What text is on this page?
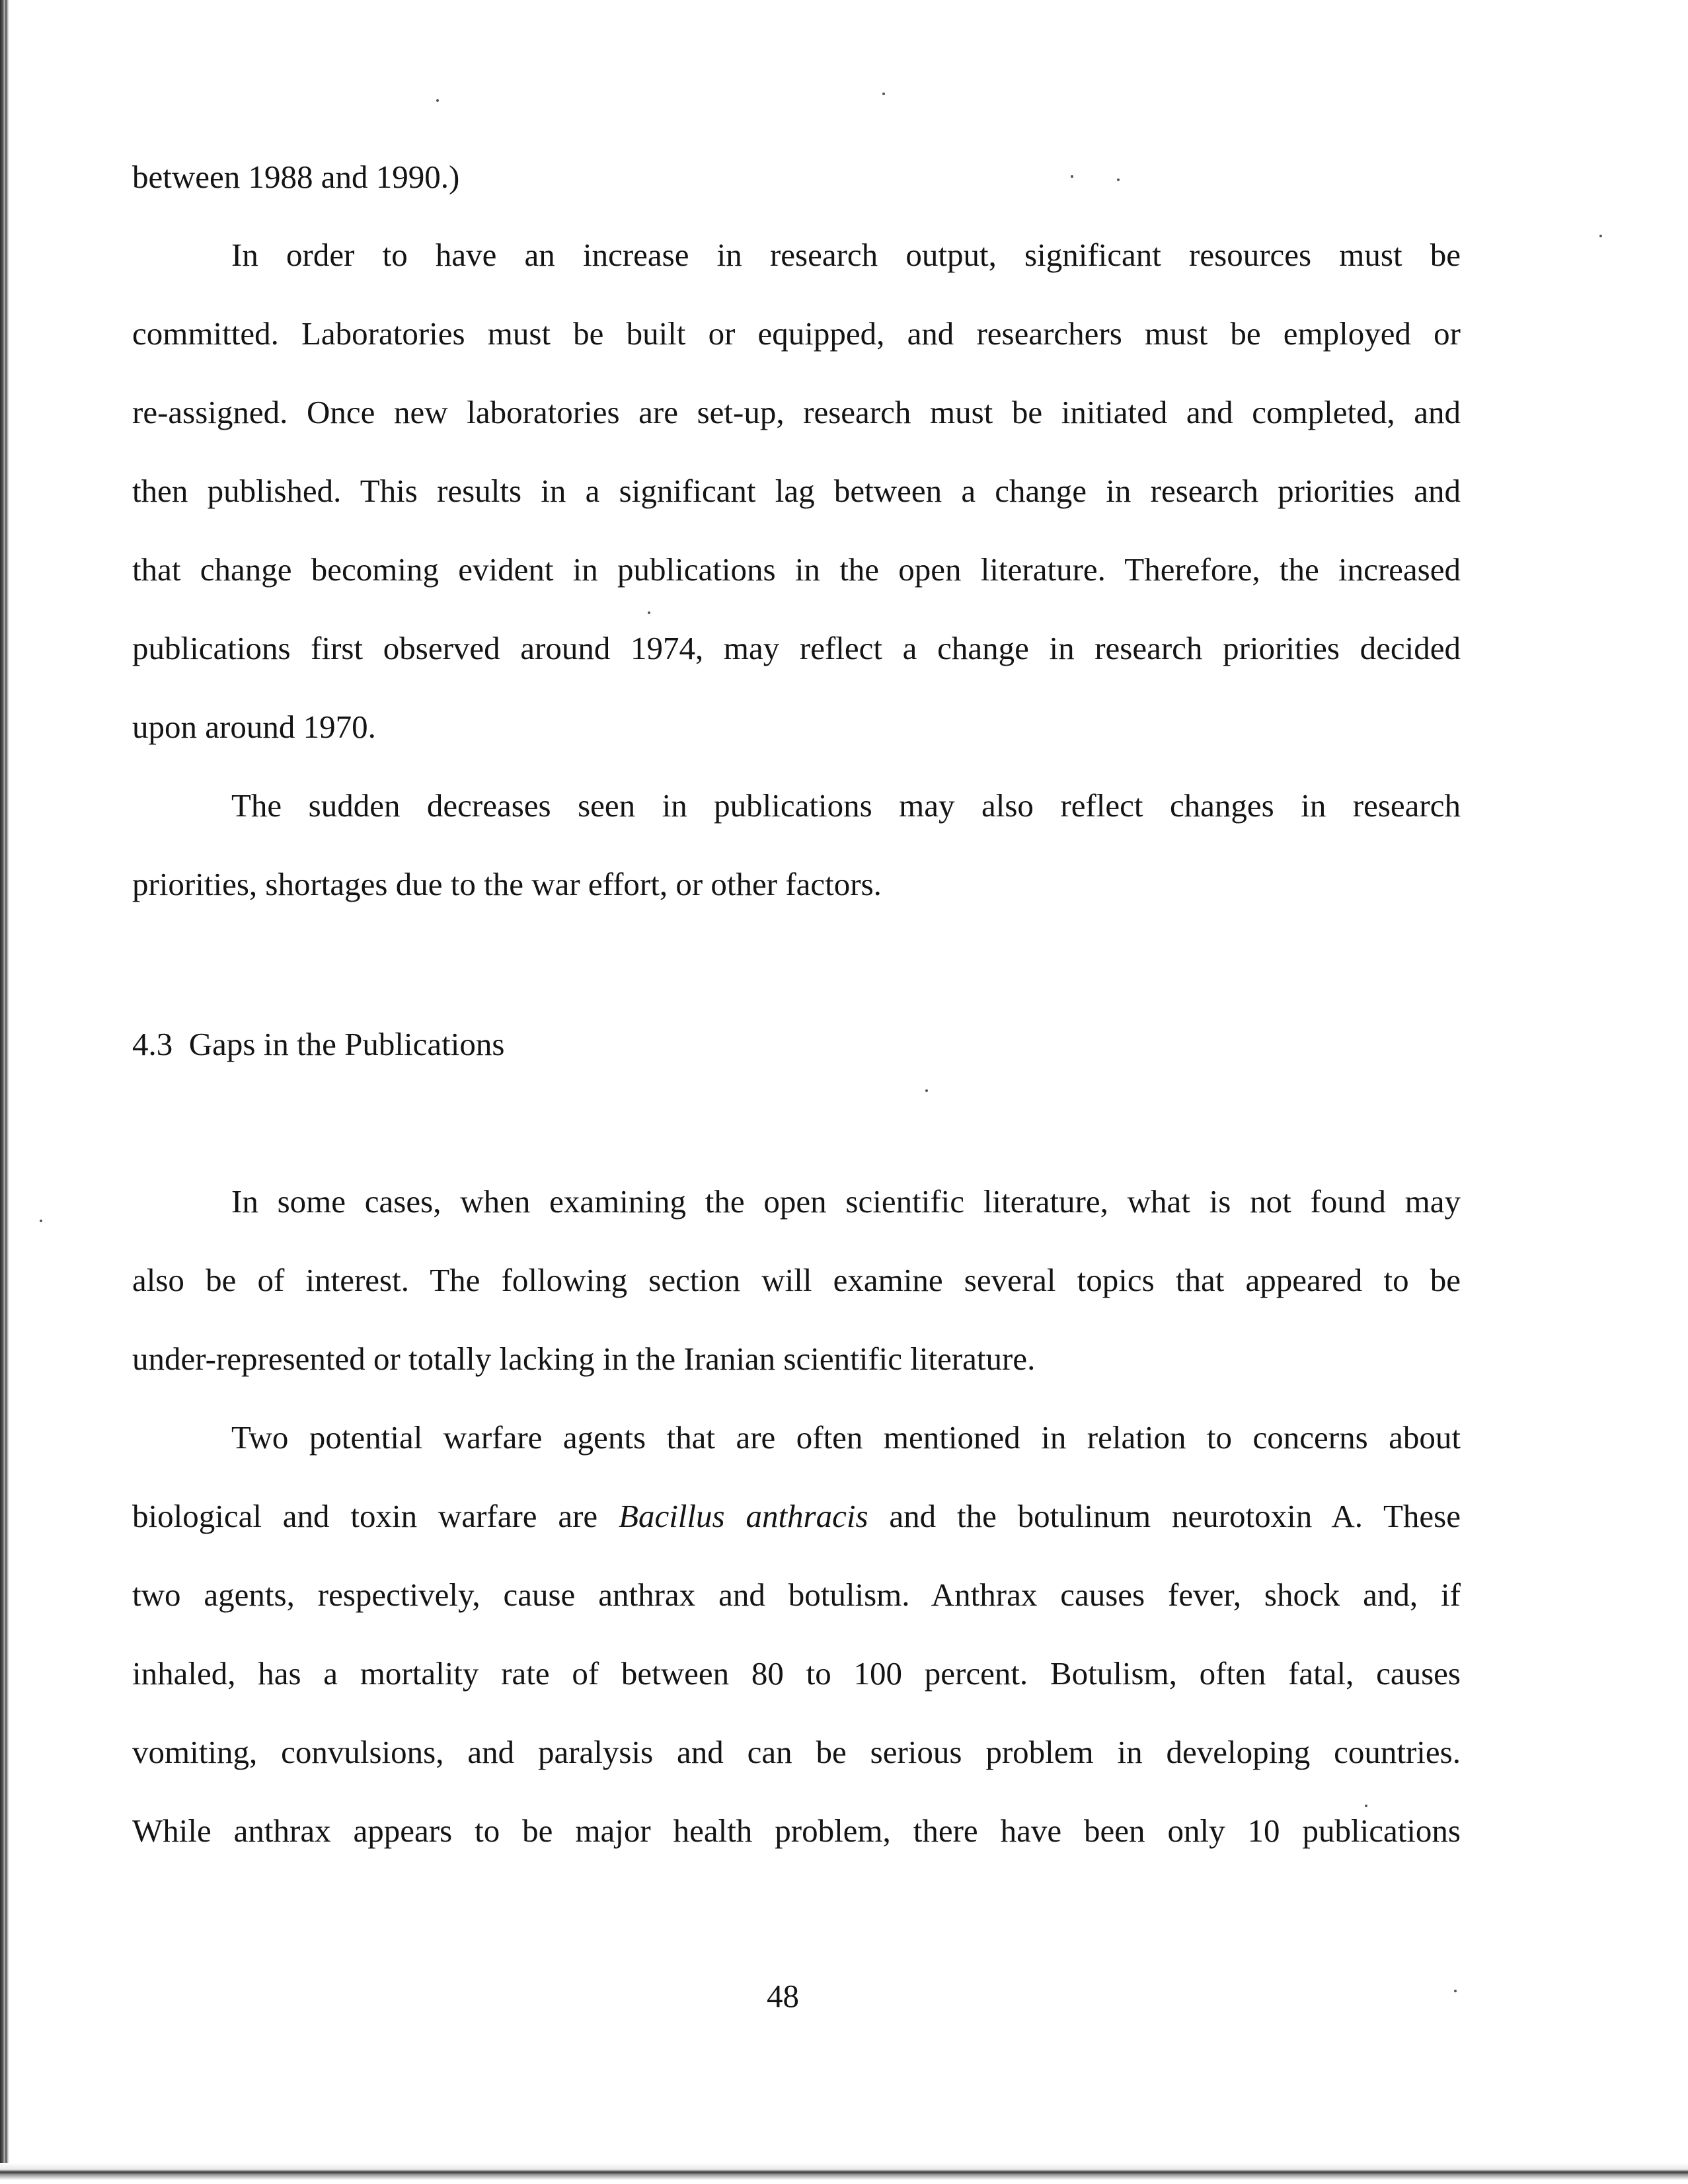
between 1988 and 1990.)
In order to have an increase in research output, significant resources must be
committed. Laboratories must be built or equipped, and researchers must be employed or
re-assigned. Once new laboratories are set-up, research must be initiated and completed, and
then published. This results in a significant lag between a change in research priorities and
that change becoming evident in publications in the open literature. Therefore, the increased
publications first observed around 1974, may reflect a change in research priorities decided
upon around 1970.
The sudden decreases seen in publications may also reflect changes in research
priorities, shortages due to the war effort, or other factors.
4.3  Gaps in the Publications
In some cases, when examining the open scientific literature, what is not found may
also be of interest. The following section will examine several topics that appeared to be
under-represented or totally lacking in the Iranian scientific literature.
Two potential warfare agents that are often mentioned in relation to concerns about
biological and toxin warfare are Bacillus anthracis and the botulinum neurotoxin A. These
two agents, respectively, cause anthrax and botulism. Anthrax causes fever, shock and, if
inhaled, has a mortality rate of between 80 to 100 percent. Botulism, often fatal, causes
vomiting, convulsions, and paralysis and can be serious problem in developing countries.
While anthrax appears to be major health problem, there have been only 10 publications
48
